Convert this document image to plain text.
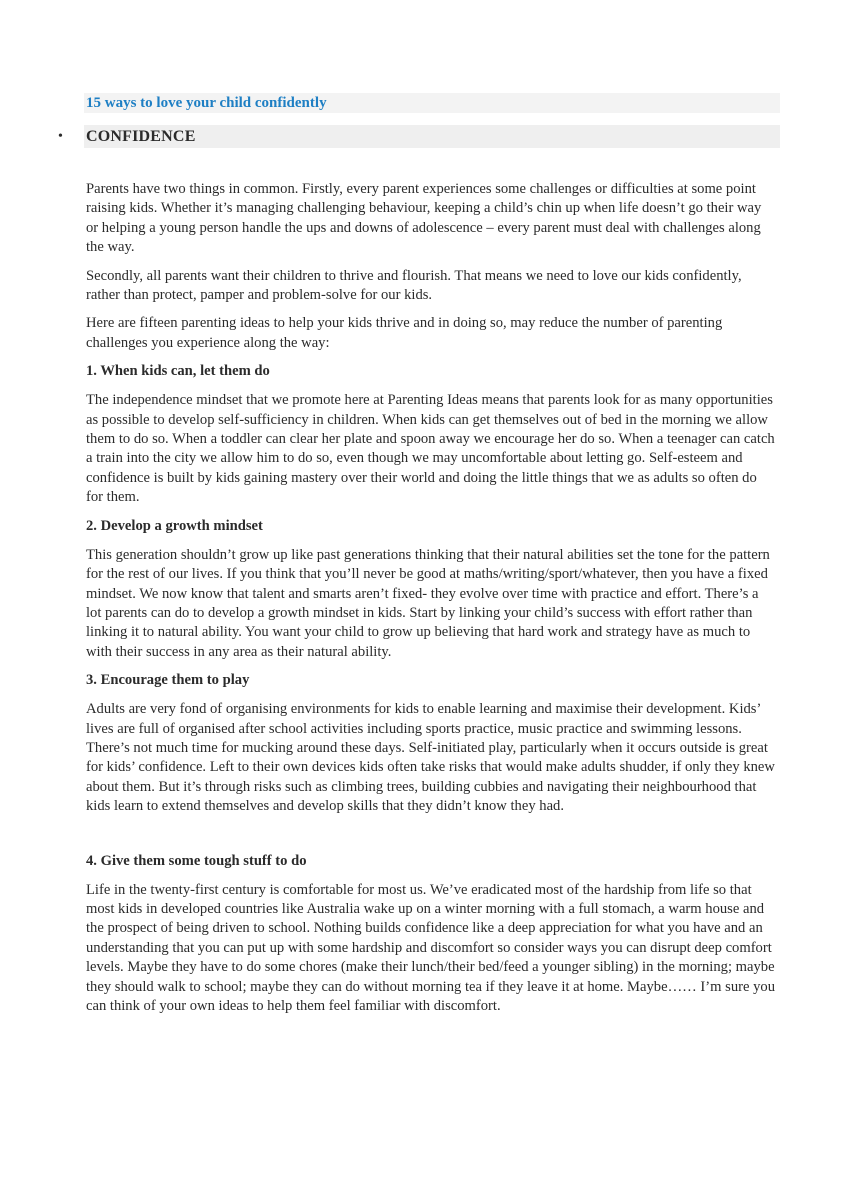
15 ways to love your child confidently
• CONFIDENCE

Parents have two things in common. Firstly, every parent experiences some challenges or difficulties at some point raising kids. Whether it’s managing challenging behaviour, keeping a child’s chin up when life doesn’t go their way or helping a young person handle the ups and downs of adolescence – every parent must deal with challenges along the way.

Secondly, all parents want their children to thrive and flourish. That means we need to love our kids confidently, rather than protect, pamper and problem-solve for our kids.

Here are fifteen parenting ideas to help your kids thrive and in doing so, may reduce the number of parenting challenges you experience along the way:

1. When kids can, let them do

The independence mindset that we promote here at Parenting Ideas means that parents look for as many opportunities as possible to develop self-sufficiency in children. When kids can get themselves out of bed in the morning we allow them to do so. When a toddler can clear her plate and spoon away we encourage her do so. When a teenager can catch a train into the city we allow him to do so, even though we may uncomfortable about letting go. Self-esteem and confidence is built by kids gaining mastery over their world and doing the little things that we as adults so often do for them.

2. Develop a growth mindset

This generation shouldn’t grow up like past generations thinking that their natural abilities set the tone for the pattern for the rest of our lives. If you think that you’ll never be good at maths/writing/sport/whatever, then you have a fixed mindset. We now know that talent and smarts aren’t fixed- they evolve over time with practice and effort. There’s a lot parents can do to develop a growth mindset in kids. Start by linking your child’s success with effort rather than linking it to natural ability. You want your child to grow up believing that hard work and strategy have as much to with their success in any area as their natural ability.

3. Encourage them to play

Adults are very fond of organising environments for kids to enable learning and maximise their development. Kids’ lives are full of organised after school activities including sports practice, music practice and swimming lessons. There’s not much time for mucking around these days. Self-initiated play, particularly when it occurs outside is great for kids’ confidence. Left to their own devices kids often take risks that would make adults shudder, if only they knew about them. But it’s through risks such as climbing trees, building cubbies and navigating their neighbourhood that kids learn to extend themselves and develop skills that they didn’t know they had.

4. Give them some tough stuff to do

Life in the twenty-first century is comfortable for most us. We’ve eradicated most of the hardship from life so that most kids in developed countries like Australia wake up on a winter morning with a full stomach, a warm house and the prospect of being driven to school. Nothing builds confidence like a deep appreciation for what you have and an understanding that you can put up with some hardship and discomfort so consider ways you can disrupt deep comfort levels. Maybe they have to do some chores (make their lunch/their bed/feed a younger sibling) in the morning; maybe they should walk to school; maybe they can do without morning tea if they leave it at home. Maybe…… I’m sure you can think of your own ideas to help them feel familiar with discomfort.
